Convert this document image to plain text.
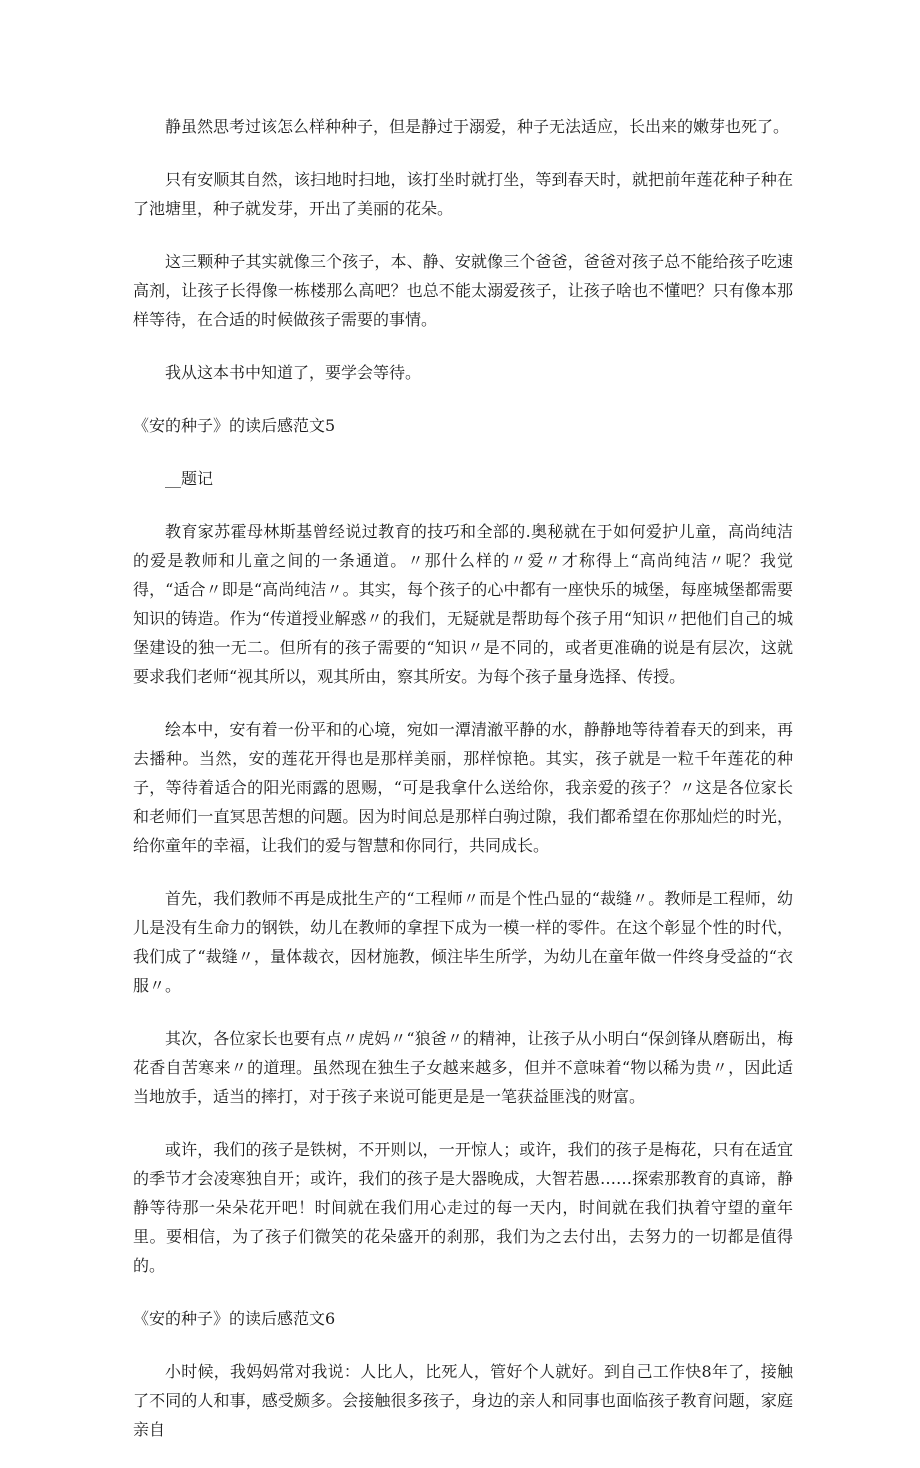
静虽然思考过该怎么样种种子，但是静过于溺爱，种子无法适应，长出来的嫩芽也死了。

只有安顺其自然，该扫地时扫地，该打坐时就打坐，等到春天时，就把前年莲花种子种在了池塘里，种子就发芽，开出了美丽的花朵。

这三颗种子其实就像三个孩子，本、静、安就像三个爸爸，爸爸对孩子总不能给孩子吃速高剂，让孩子长得像一栋楼那么高吧？也总不能太溺爱孩子，让孩子啥也不懂吧？只有像本那样等待，在合适的时候做孩子需要的事情。

我从这本书中知道了，要学会等待。

《安的种子》的读后感范文5

__题记

教育家苏霍母林斯基曾经说过教育的技巧和全部的.奥秘就在于如何爱护儿童，高尚纯洁的爱是教师和儿童之间的一条通道。〃那什么样的〃爱〃才称得上“高尚纯洁〃呢？我觉得，“适合〃即是“高尚纯洁〃。其实，每个孩子的心中都有一座快乐的城堡，每座城堡都需要知识的铸造。作为“传道授业解惑〃的我们，无疑就是帮助每个孩子用“知识〃把他们自己的城堡建设的独一无二。但所有的孩子需要的“知识〃是不同的，或者更准确的说是有层次，这就要求我们老师“视其所以，观其所由，察其所安。为每个孩子量身选择、传授。

绘本中，安有着一份平和的心境，宛如一潭清澈平静的水，静静地等待着春天的到来，再去播种。当然，安的莲花开得也是那样美丽，那样惊艳。其实，孩子就是一粒千年莲花的种子，等待着适合的阳光雨露的恩赐，“可是我拿什么送给你，我亲爱的孩子？〃这是各位家长和老师们一直冥思苦想的问题。因为时间总是那样白驹过隙，我们都希望在你那灿烂的时光，给你童年的幸福，让我们的爱与智慧和你同行，共同成长。

首先，我们教师不再是成批生产的“工程师〃而是个性凸显的“裁缝〃。教师是工程师，幼儿是没有生命力的钢铁，幼儿在教师的拿捏下成为一模一样的零件。在这个彰显个性的时代，我们成了“裁缝〃，量体裁衣，因材施教，倾注毕生所学，为幼儿在童年做一件终身受益的“衣服〃。

其次，各位家长也要有点〃虎妈〃“狼爸〃的精神，让孩子从小明白“保剑锋从磨砺出，梅花香自苦寒来〃的道理。虽然现在独生子女越来越多，但并不意味着“物以稀为贵〃，因此适当地放手，适当的摔打，对于孩子来说可能更是是一笔获益匪浅的财富。

或许，我们的孩子是铁树，不开则以，一开惊人；或许，我们的孩子是梅花，只有在适宜的季节才会凌寒独自开；或许，我们的孩子是大器晚成，大智若愚……探索那教育的真谛，静静等待那一朵朵花开吧！时间就在我们用心走过的每一天内，时间就在我们执着守望的童年里。要相信，为了孩子们微笑的花朵盛开的刹那，我们为之去付出，去努力的一切都是值得的。

《安的种子》的读后感范文6

小时候，我妈妈常对我说：人比人，比死人，管好个人就好。到自己工作快8年了，接触了不同的人和事，感受颇多。会接触很多孩子，身边的亲人和同事也面临孩子教育问题，家庭亲自
